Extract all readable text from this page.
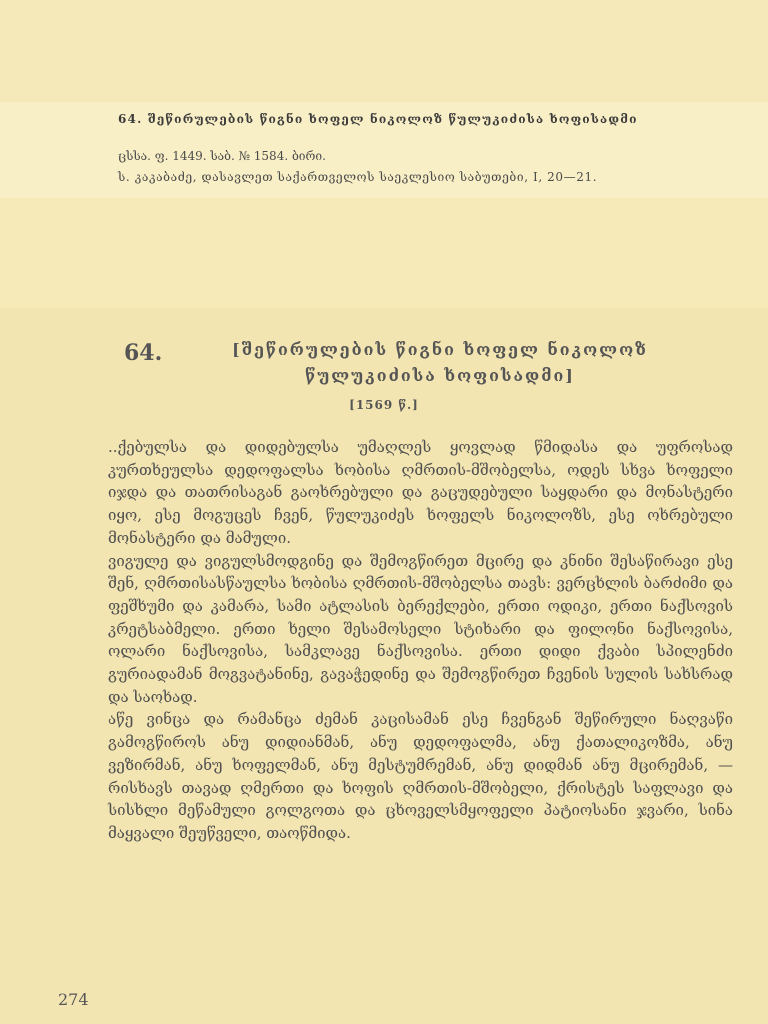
64. შეწირულების წიგნი ხოფელ ნიკოლოზ წულუკიძისა ხოფისადმი
ცსსა. ფ. 1449. საბ. № 1584. ბირი.
ს. კაკაბაძე, დასავლეთ საქართველოს საეკლესიო საბუთები, I, 20—21.
64.	[შეწირულების წიგნი ხოფელ ნიკოლოზ
წულუკიძისა ხოფისადმი]
[1569 წ.]

..ქებულსა და დიდებულსა უმაღლეს ყოვლად წმიდასა და უფროსად კურთხეულსა დედოფალსა ხობისა ღმრთის-მშობელსა, ოდეს სხვა ხოფელი იჯდა და თათრისაგან გაოხრებული და გაცუდებული საყდარი და მონასტერი იყო, ესე მოგუცეს ჩვენ, წულუკიძეს ხოფელს ნიკოლოზს, ესე ოხრებული მონასტერი და მამული.

ვიგულე და ვიგულსმოდგინე და შემოგწირეთ მცირე და კნინი შესაწირავი ესე შენ, ღმრთისასწაულსა ხობისა ღმრთის-მშობელსა თავს: ვერცხლის ბარძიმი და ფეშხუმი და კამარა, სამი ატლასის ბერექლები, ერთი ოდიკი, ერთი ნაქსოვის კრეტსაბმელი. ერთი ხელი შესამოსელი სტიხარი და ფილონი ნაქსოვისა, ოლარი ნაქსოვისა, სამკლავე ნაქსოვისა. ერთი დიდი ქვაბი სპილენძი გურიადამან მოგვატანინე, გავაჭედინე და შემოგწირეთ ჩვენის სულის სახსრად და საოხად.

აწე ვინცა და რამანცა ძემან კაცისამან ესე ჩვენგან შეწირული ნაღვაწი გამოგწიროს ანუ დიდიანმან, ანუ დედოფალმა, ანუ ქათალიკოზმა, ანუ ვეზირმან, ანუ ხოფელმან, ანუ მესტუმრემან, ანუ დიდმან ანუ მცირემან, — რისხავს თავად ღმერთი და ხოფის ღმრთის-მშობელი, ქრისტეს საფლავი და სისხლი მეწამული გოლგოთა და ცხოველსმყოფელი პატიოსანი ჯვარი, სინა მაყვალი შეუწველი, თაოწმიდა.

274
